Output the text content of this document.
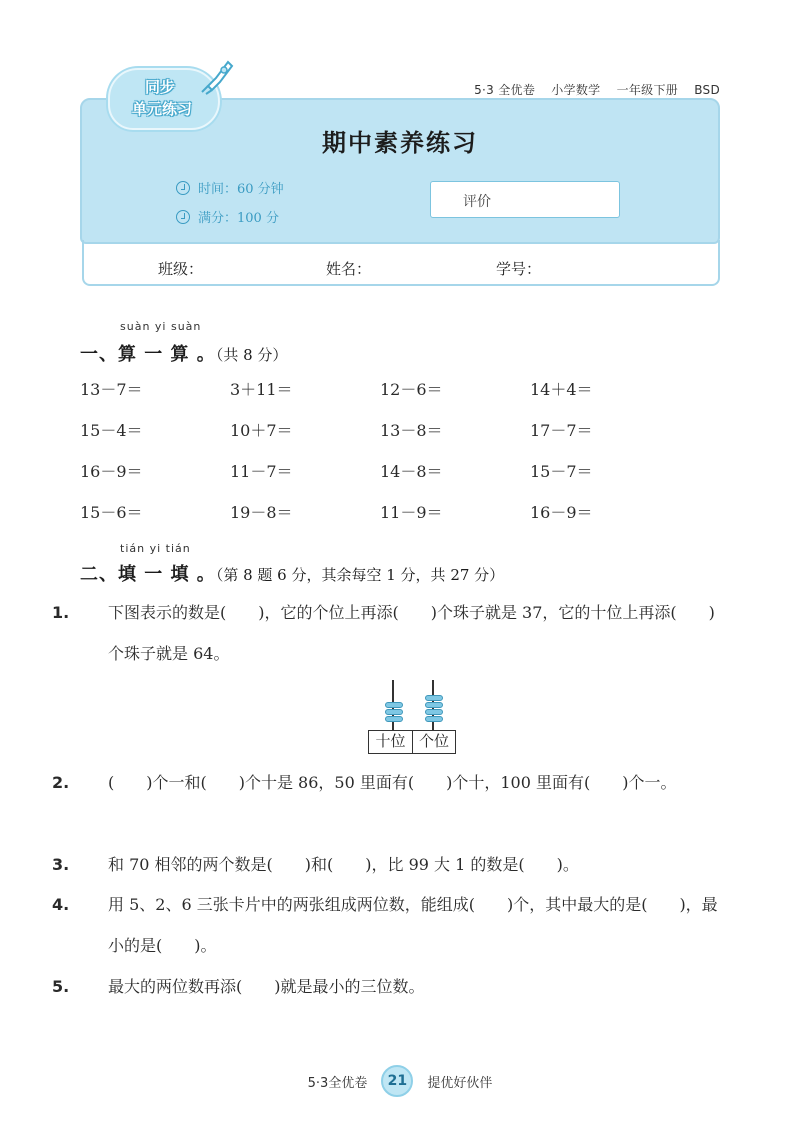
5·3 全优卷 小学数学 一年级下册 BSD
同步
单元练习
期中素养练习
时间：60 分钟
满分：100 分
评价
班级：	姓名：	学号：
suàn yi suàn
一、算 一 算 。（共 8 分）
13－7＝	3＋11＝	12－6＝	14＋4＝
15－4＝	10＋7＝	13－8＝	17－7＝
16－9＝	11－7＝	14－8＝	15－7＝
15－6＝	19－8＝	11－9＝	16－9＝
tián yi tián
二、填 一 填 。（第 8 题 6 分，其余每空 1 分，共 27 分）
1. 下图表示的数是(　　)，它的个位上再添(　　)个珠子就是 37，它的十位上再添(　　)个珠子就是 64。
十位 个位
2. (　　)个一和(　　)个十是 86，50 里面有(　　)个十，100 里面有(　　)个一。
3. 和 70 相邻的两个数是(　　)和(　　)，比 99 大 1 的数是(　　)。
4. 用 5、2、6 三张卡片中的两张组成两位数，能组成(　　)个，其中最大的是(　　)，最小的是(　　)。
5. 最大的两位数再添(　　)就是最小的三位数。
5·3全优卷	21	提优好伙伴
